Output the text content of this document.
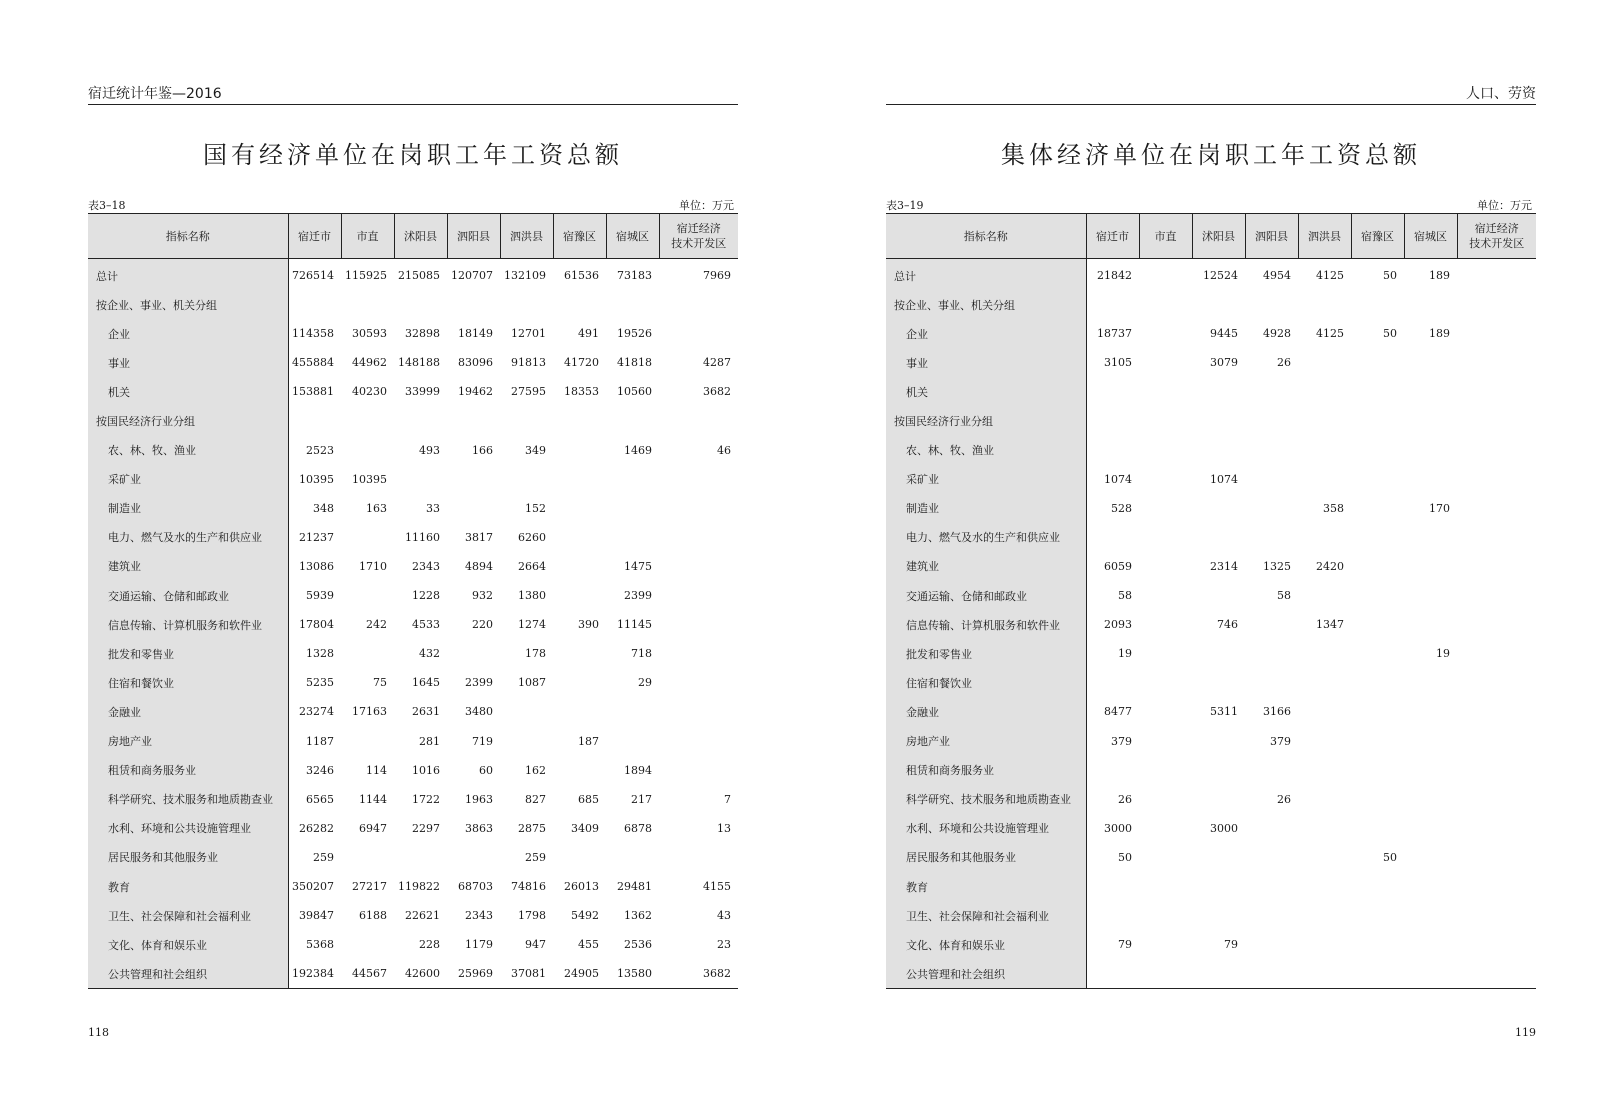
宿迁统计年鉴—2016
国有经济单位在岗职工年工资总额
表3–18	单位：万元
指标名称	宿迁市	市直	沭阳县	泗阳县	泗洪县	宿豫区	宿城区	宿迁经济
技术开发区
总计	726514	115925	215085	120707	132109	61536	73183	7969
按企业、事业、机关分组								
企业	114358	30593	32898	18149	12701	491	19526	
事业	455884	44962	148188	83096	91813	41720	41818	4287
机关	153881	40230	33999	19462	27595	18353	10560	3682
按国民经济行业分组								
农、林、牧、渔业	2523		493	166	349		1469	46
采矿业	10395	10395						
制造业	348	163	33		152			
电力、燃气及水的生产和供应业	21237		11160	3817	6260			
建筑业	13086	1710	2343	4894	2664		1475	
交通运输、仓储和邮政业	5939		1228	932	1380		2399	
信息传输、计算机服务和软件业	17804	242	4533	220	1274	390	11145	
批发和零售业	1328		432		178		718	
住宿和餐饮业	5235	75	1645	2399	1087		29	
金融业	23274	17163	2631	3480				
房地产业	1187		281	719		187		
租赁和商务服务业	3246	114	1016	60	162		1894	
科学研究、技术服务和地质勘查业	6565	1144	1722	1963	827	685	217	7
水利、环境和公共设施管理业	26282	6947	2297	3863	2875	3409	6878	13
居民服务和其他服务业	259				259			
教育	350207	27217	119822	68703	74816	26013	29481	4155
卫生、社会保障和社会福利业	39847	6188	22621	2343	1798	5492	1362	43
文化、体育和娱乐业	5368		228	1179	947	455	2536	23
公共管理和社会组织	192384	44567	42600	25969	37081	24905	13580	3682
118
人口、劳资
集体经济单位在岗职工年工资总额
表3–19	单位：万元
指标名称	宿迁市	市直	沭阳县	泗阳县	泗洪县	宿豫区	宿城区	宿迁经济
技术开发区
总计	21842		12524	4954	4125	50	189	
按企业、事业、机关分组								
企业	18737		9445	4928	4125	50	189	
事业	3105		3079	26				
机关								
按国民经济行业分组								
农、林、牧、渔业								
采矿业	1074		1074					
制造业	528				358		170	
电力、燃气及水的生产和供应业								
建筑业	6059		2314	1325	2420			
交通运输、仓储和邮政业	58			58				
信息传输、计算机服务和软件业	2093		746		1347			
批发和零售业	19						19	
住宿和餐饮业								
金融业	8477		5311	3166				
房地产业	379			379				
租赁和商务服务业								
科学研究、技术服务和地质勘查业	26			26				
水利、环境和公共设施管理业	3000		3000					
居民服务和其他服务业	50					50		
教育								
卫生、社会保障和社会福利业								
文化、体育和娱乐业	79		79					
公共管理和社会组织								
119
